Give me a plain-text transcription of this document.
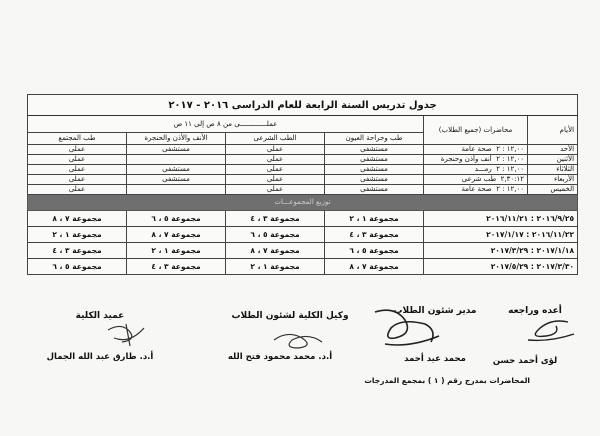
جدول تدريس السنة الرابعة للعام الدراسى ٢٠١٦ - ٢٠١٧					
الأيام	محاضرات (جميع الطلاب)	عملـــــــــــــى من ٨ ص إلى ١١ ص			
		طب وجراحة العيون	الطب الشرعى	الأنف والأذن والحنجرة	طب المجتمع
الأحد	١٢,٠٠ : ٢  صحة عامة	مستشفى	عملى	مستشفى	عملى
الأثنين	١٢,٠٠ : ٢  أنف وأذن وحنجرة	مستشفى	عملى		عملى
الثلاثاء	١٢,٠٠ : ٢  رمـــد	مستشفى	عملى	مستشفى	عملى
الأربعاء	٢,٣٠:١٢  طب شرعى	مستشفى	عملى	مستشفى	عملى
الخميس	١٢,٠٠ : ٢  صحة عامة	مستشفى	عملى		عملى
توزيع المجموعـــات					
٢٠١٦/٩/٢٥ : ٢٠١٦/١١/٢١		مجموعة ١ ، ٢	مجموعة ٣ ، ٤	مجموعة ٥ ، ٦	مجموعة ٧ ، ٨
٢٠١٦/١١/٢٢ : ٢٠١٧/١/١٧		مجموعة ٣ ، ٤	مجموعة ٥ ، ٦	مجموعة ٧ ، ٨	مجموعة ١ ، ٢
٢٠١٧/١/١٨ : ٢٠١٧/٣/٢٩		مجموعة ٥ ، ٦	مجموعة ٧ ، ٨	مجموعة ١ ، ٢	مجموعة ٣ ، ٤
٢٠١٧/٣/٣٠ : ٢٠١٧/٥/٢٩		مجموعة ٧ ، ٨	مجموعة ١ ، ٢	مجموعة ٣ ، ٤	مجموعة ٥ ، ٦
أعده وراجعه
مدير شئون الطلاب
وكيل الكلية لشئون الطلاب
عميد الكلية
لؤى أحمد حسن
محمد عيد أحمد
أ.د. محمد محمود فتح الله
أ.د. طارق عبد الله الجمال
المحاضرات بمدرج رقم ( ١ ) بمجمع المدرجات
